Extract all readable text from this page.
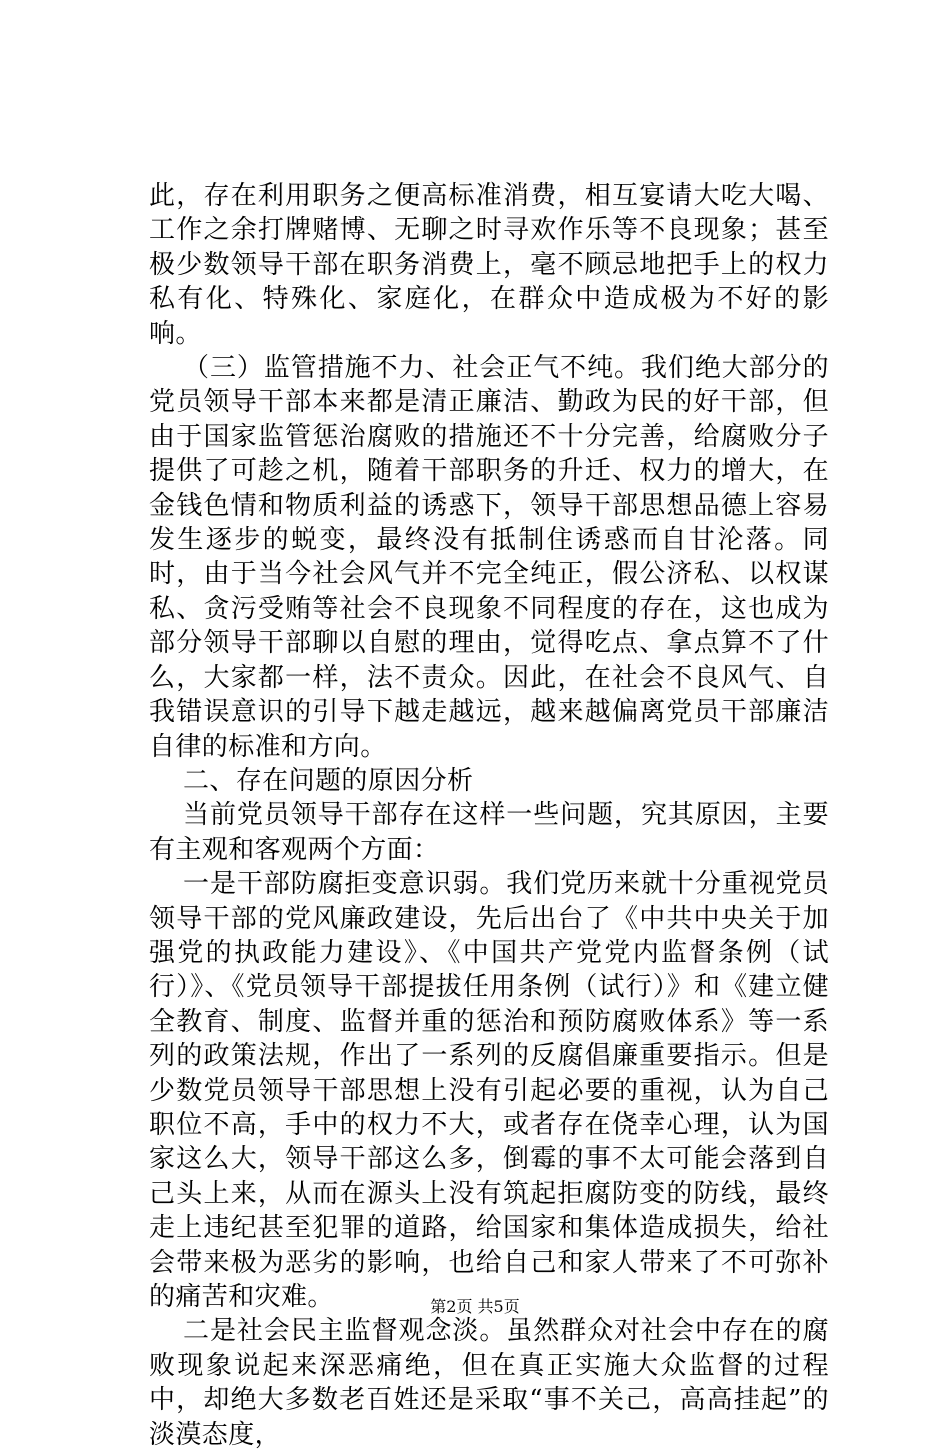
此，存在利用职务之便高标准消费，相互宴请大吃大喝、工作之余打牌赌博、无聊之时寻欢作乐等不良现象；甚至极少数领导干部在职务消费上，毫不顾忌地把手上的权力私有化、特殊化、家庭化，在群众中造成极为不好的影响。

（三）监管措施不力、社会正气不纯。我们绝大部分的党员领导干部本来都是清正廉洁、勤政为民的好干部，但由于国家监管惩治腐败的措施还不十分完善，给腐败分子提供了可趁之机，随着干部职务的升迁、权力的增大，在金钱色情和物质利益的诱惑下，领导干部思想品德上容易发生逐步的蜕变，最终没有抵制住诱惑而自甘沦落。同时，由于当今社会风气并不完全纯正，假公济私、以权谋私、贪污受贿等社会不良现象不同程度的存在，这也成为部分领导干部聊以自慰的理由，觉得吃点、拿点算不了什么，大家都一样，法不责众。因此，在社会不良风气、自我错误意识的引导下越走越远，越来越偏离党员干部廉洁自律的标准和方向。

二、存在问题的原因分析

当前党员领导干部存在这样一些问题，究其原因，主要有主观和客观两个方面：

一是干部防腐拒变意识弱。我们党历来就十分重视党员领导干部的党风廉政建设，先后出台了《中共中央关于加强党的执政能力建设》、《中国共产党党内监督条例（试行）》、《党员领导干部提拔任用条例（试行）》和《建立健全教育、制度、监督并重的惩治和预防腐败体系》等一系列的政策法规，作出了一系列的反腐倡廉重要指示。但是少数党员领导干部思想上没有引起必要的重视，认为自己职位不高，手中的权力不大，或者存在侥幸心理，认为国家这么大，领导干部这么多，倒霉的事不太可能会落到自己头上来，从而在源头上没有筑起拒腐防变的防线，最终走上违纪甚至犯罪的道路，给国家和集体造成损失，给社会带来极为恶劣的影响，也给自己和家人带来了不可弥补的痛苦和灾难。

二是社会民主监督观念淡。虽然群众对社会中存在的腐败现象说起来深恶痛绝，但在真正实施大众监督的过程中，却绝大多数老百姓还是采取“事不关己，高高挂起”的淡漠态度，

第2页 共5页
